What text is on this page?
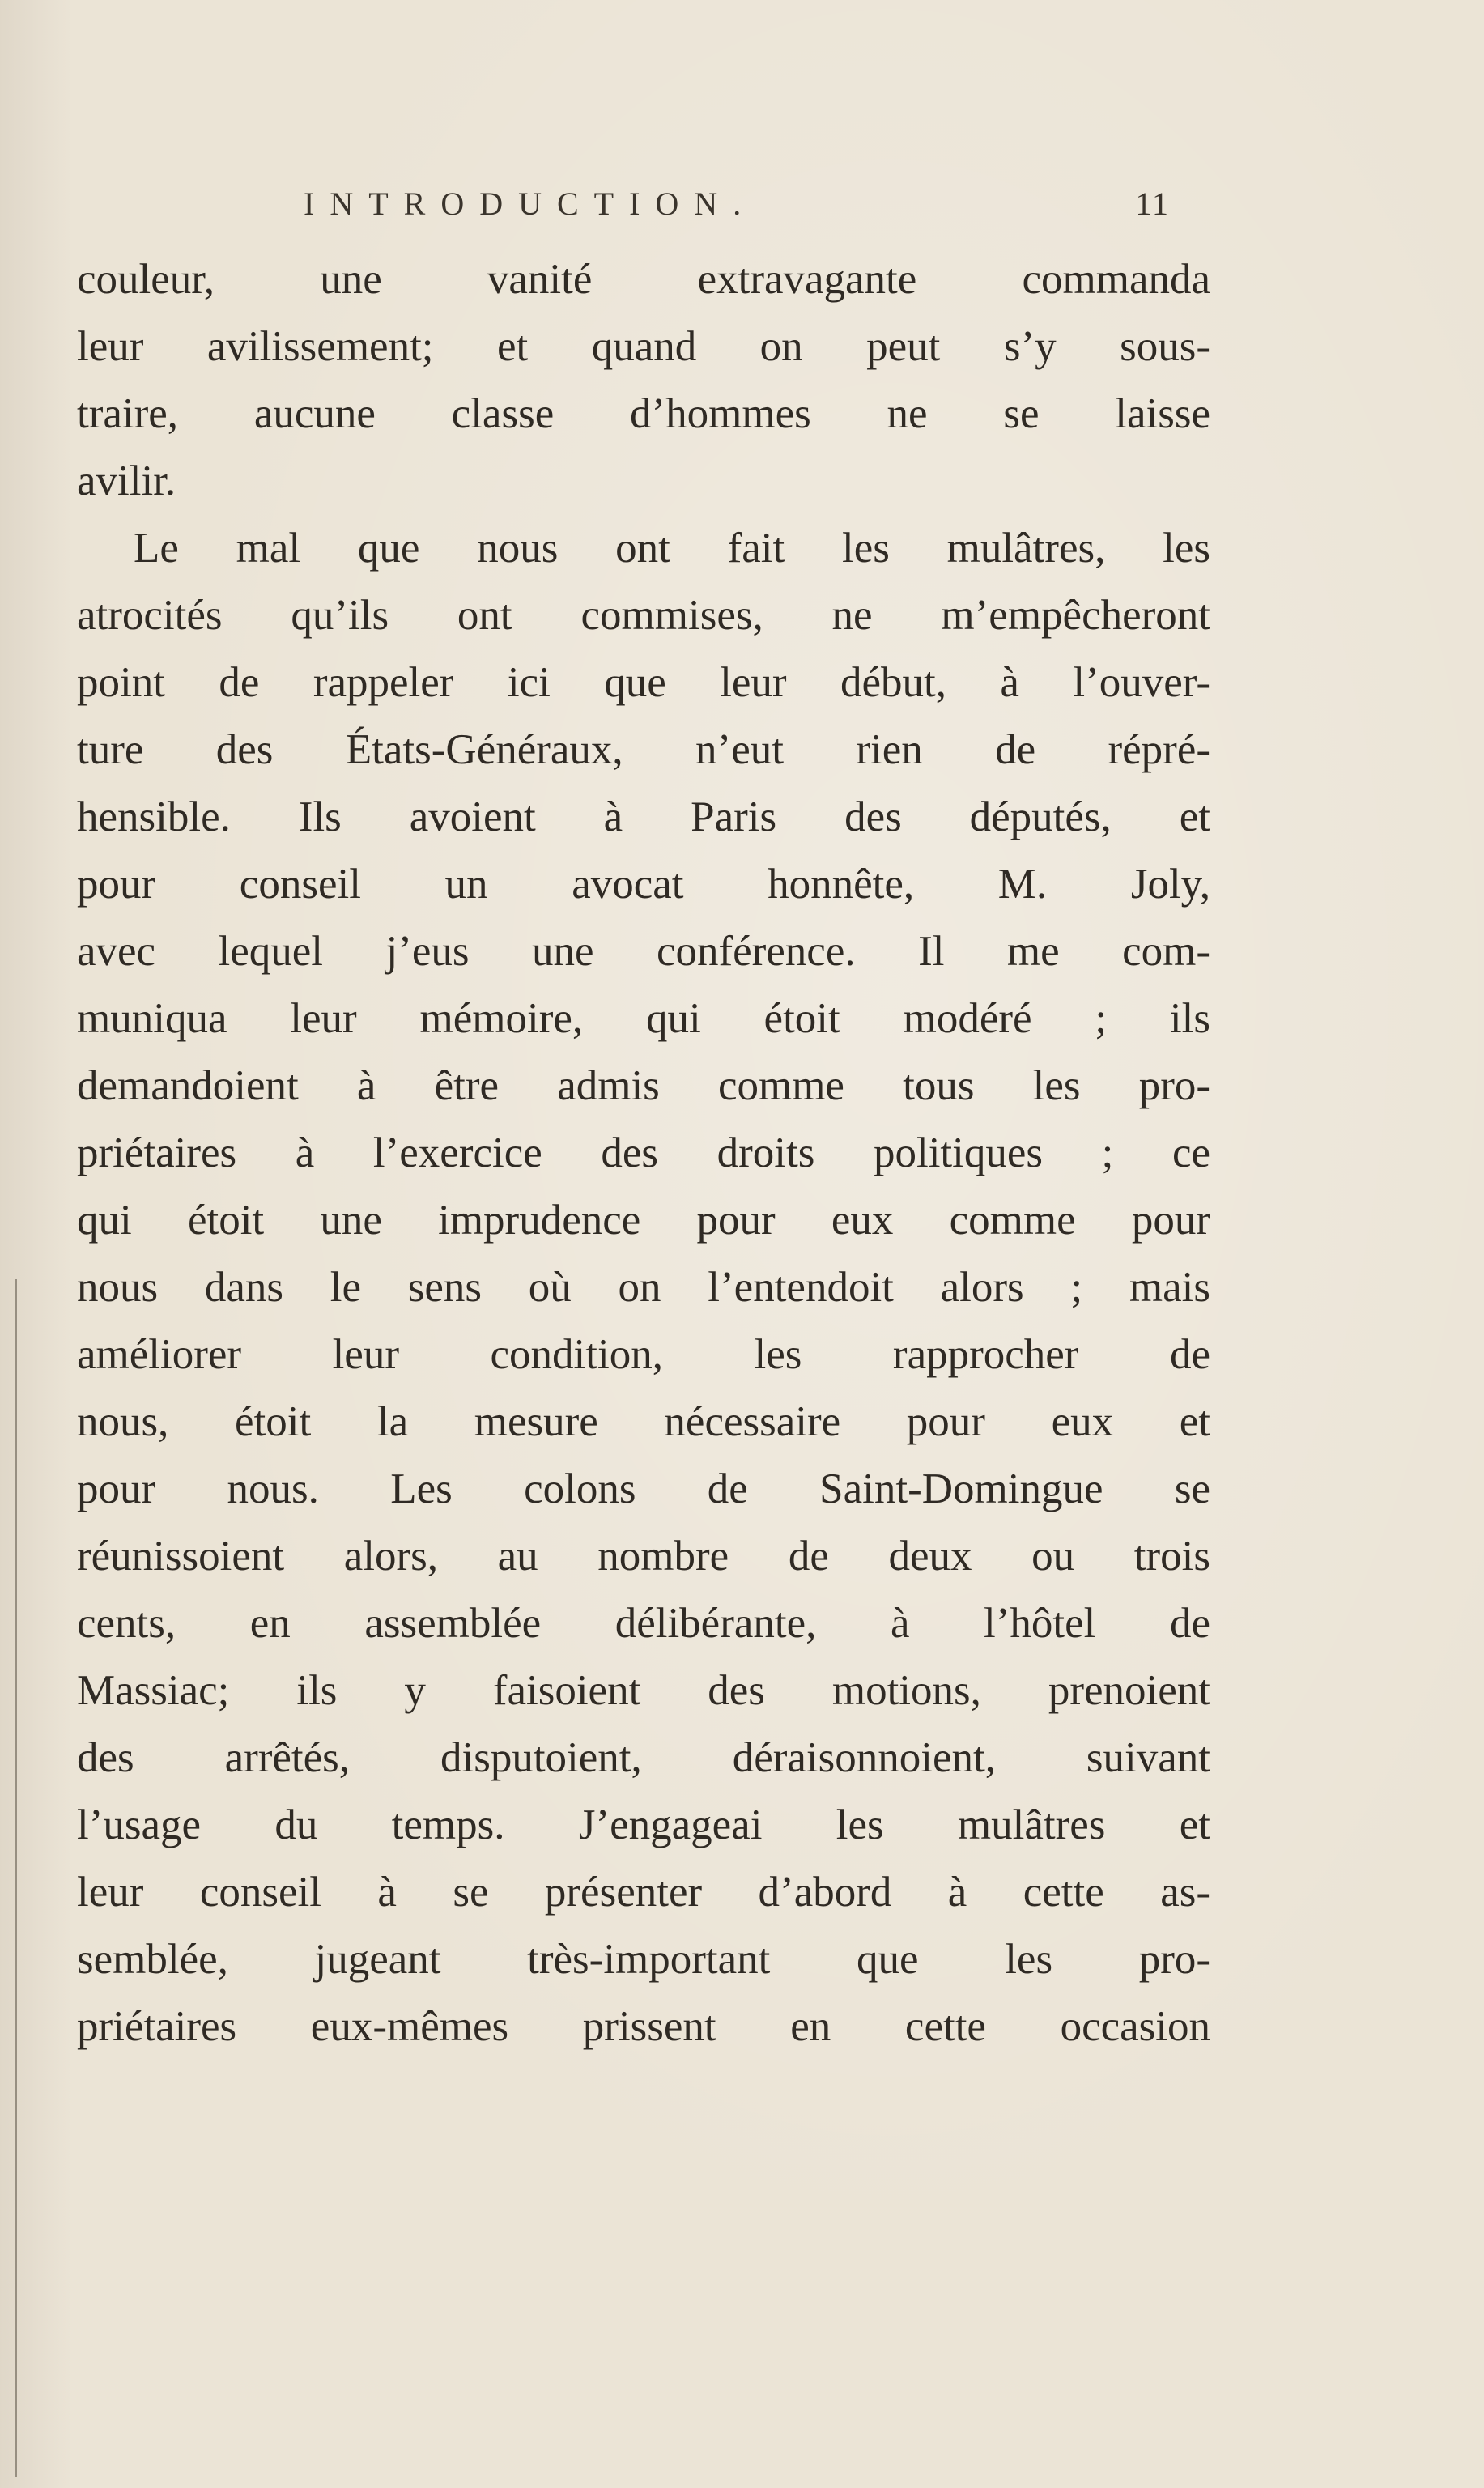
INTRODUCTION.	11
couleur, une vanité extravagante commanda
leur avilissement; et quand on peut s’y sous-
traire, aucune classe d’hommes ne se laisse
avilir.
Le mal que nous ont fait les mulâtres, les
atrocités qu’ils ont commises, ne m’empêcheront
point de rappeler ici que leur début, à l’ouver-
ture des États-Généraux, n’eut rien de répré-
hensible. Ils avoient à Paris des députés, et
pour conseil un avocat honnête, M. Joly,
avec lequel j’eus une conférence. Il me com-
muniqua leur mémoire, qui étoit modéré ; ils
demandoient à être admis comme tous les pro-
priétaires à l’exercice des droits politiques ; ce
qui étoit une imprudence pour eux comme pour
nous dans le sens où on l’entendoit alors ; mais
améliorer leur condition, les rapprocher de
nous, étoit la mesure nécessaire pour eux et
pour nous. Les colons de Saint-Domingue se
réunissoient alors, au nombre de deux ou trois
cents, en assemblée délibérante, à l’hôtel de
Massiac; ils y faisoient des motions, prenoient
des arrêtés, disputoient, déraisonnoient, suivant
l’usage du temps. J’engageai les mulâtres et
leur conseil à se présenter d’abord à cette as-
semblée, jugeant très-important que les pro-
priétaires eux-mêmes prissent en cette occasion
